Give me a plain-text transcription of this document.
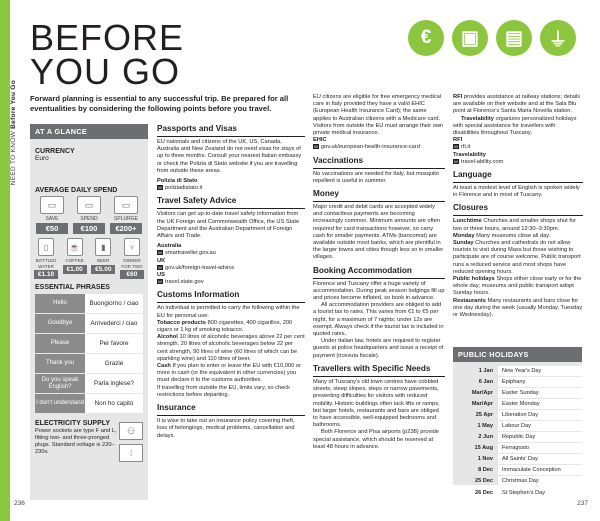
NEED TO KNOW Before You Go
BEFORE
YOU GO
€	▣	▤	⏚
Forward planning is essential to any successful trip. Be prepared for all eventualities by considering the following points before you travel.
AT A GLANCE
CURRENCY
Euro
AVERAGE DAILY SPEND
▭
SAVE
€50
▭
SPEND
€100
▭
SPLURGE
€200+
▯
BOTTLED WATER
€1.10
☕
COFFEE
€1.00
▮
BEER
€5.00
♆
DINNER FOR TWO
€60
ESSENTIAL PHRASES
Hello	Buongiorno / ciao
Goodbye	Arrivederci / ciao
Please	Per favore
Thank you	Grazie
Do you speak English?	Parla inglese?
I don't understand	Non ho capito
ELECTRICITY SUPPLY
Power sockets are type F and L, fitting two- and three-pronged plugs. Standard voltage is 220–230v.
⚇
⁝
Passports and Visas

EU nationals and citizens of the UK, US, Canada, Australia and New Zealand do not need visas for stays of up to three months. Consult your nearest Italian embassy or check the Polizia di Stato website if you are travelling from outside these areas.

Polizia di Stato

W poliziadistato.it

Travel Safety Advice

Visitors can get up-to-date travel safety information from the UK Foreign and Commonwealth Office, the US State Department and the Australian Department of Foreign Affairs and Trade.

Australia
W smartraveller.gov.au
UK
W gov.uk/foreign-travel-advice
US

W travel.state.gov

Customs Information

An individual is permitted to carry the following within the EU for personal use:

Tobacco products 800 cigarettes, 400 cigarillos, 200 cigars or 1 kg of smoking tobacco.
Alcohol 10 litres of alcoholic beverages above 22 per cent strength, 20 litres of alcoholic beverages below 22 per cent strength, 90 litres of wine (60 litres of which can be sparkling wine) and 110 litres of beer.
Cash If you plan to enter or leave the EU with €10,000 or more in cash (or the equivalent in other currencies) you must declare it to the customs authorities.

If travelling from outside the EU, limits vary, so check restrictions before departing.

Insurance

It is wise to take out an insurance policy covering theft, loss of belongings, medical problems, cancellation and delays.

EU citizens are eligible for free emergency medical care in Italy provided they have a valid EHIC (European Health Insurance Card); the same applies to Australian citizens with a Medicare card. Visitors from outside the EU must arrange their own private medical insurance.

EHIC

W gov.uk/european-health-insurance-card

Vaccinations

No vaccinations are needed for Italy, but mosquito repellent is useful in summer.

Money

Major credit and debit cards are accepted widely and contactless payments are becoming increasingly common. Minimum amounts are often required for card transactions however, so carry cash for smaller payments. ATMs (bancomat) are available outside most banks, which are plentiful in the larger towns and cities though less so in smaller villages.

Booking Accommodation

Florence and Tuscany offer a huge variety of accommodation. During peak season lodgings fill up and prices become inflated, so book in advance.

All accommodation providers are obliged to add a tourist tax to rates. This varies from €1 to €5 per night, for a maximum of 7 nights; under 12s are exempt. Always check if the tourist tax is included in quoted rates.

Under Italian law, hotels are required to register guests at police headquarters and issue a receipt of payment (ricevuta fiscale).

Travellers with Specific Needs

Many of Tuscany's old town centres have cobbled streets, steep slopes, steps or narrow pavements, presenting difficulties for visitors with reduced mobility. Historic buildings often lack lifts or ramps, but larger hotels, restaurants and bars are obliged to have accessible, well-equipped bedrooms and bathrooms.

Both Florence and Pisa airports (p238) provide special assistance, which should be reserved at least 48 hours in advance.

RFI provides assistance at railway stations; details are available on their website and at the Sala Blu point at Florence's Santa Maria Novella station.

Travelability organizes personalized holidays with special assistance for travellers with disabilities throughout Tuscany.

RFI
W rfi.it
Travelability

W travel-ability.com

Language

At least a modest level of English is spoken widely in Florence and in most of Tuscany.

Closures
Lunchtime Churches and smaller shops shut for two or three hours, around 12:30–3:30pm.
Monday Many museums close all day.
Sunday Churches and cathedrals do not allow tourists to visit during Mass but those wishing to participate are of course welcome. Public transport runs a reduced service and most shops have reduced opening hours.
Public holidays Shops either close early or for the whole day; museums and public transport adopt Sunday hours.
Restaurants Many restaurants and bars close for one day during the week (usually Monday, Tuesday or Wednesday).
PUBLIC HOLIDAYS
1 Jan	New Year's Day
6 Jan	Epiphany
Mar/Apr	Easter Sunday
Mar/Apr	Easter Monday
25 Apr	Liberation Day
1 May	Labour Day
2 Jun	Republic Day
15 Aug	Ferragosto
1 Nov	All Saints' Day
8 Dec	Immaculate Conception
25 Dec	Christmas Day
26 Dec	St Stephen's Day
236	237
